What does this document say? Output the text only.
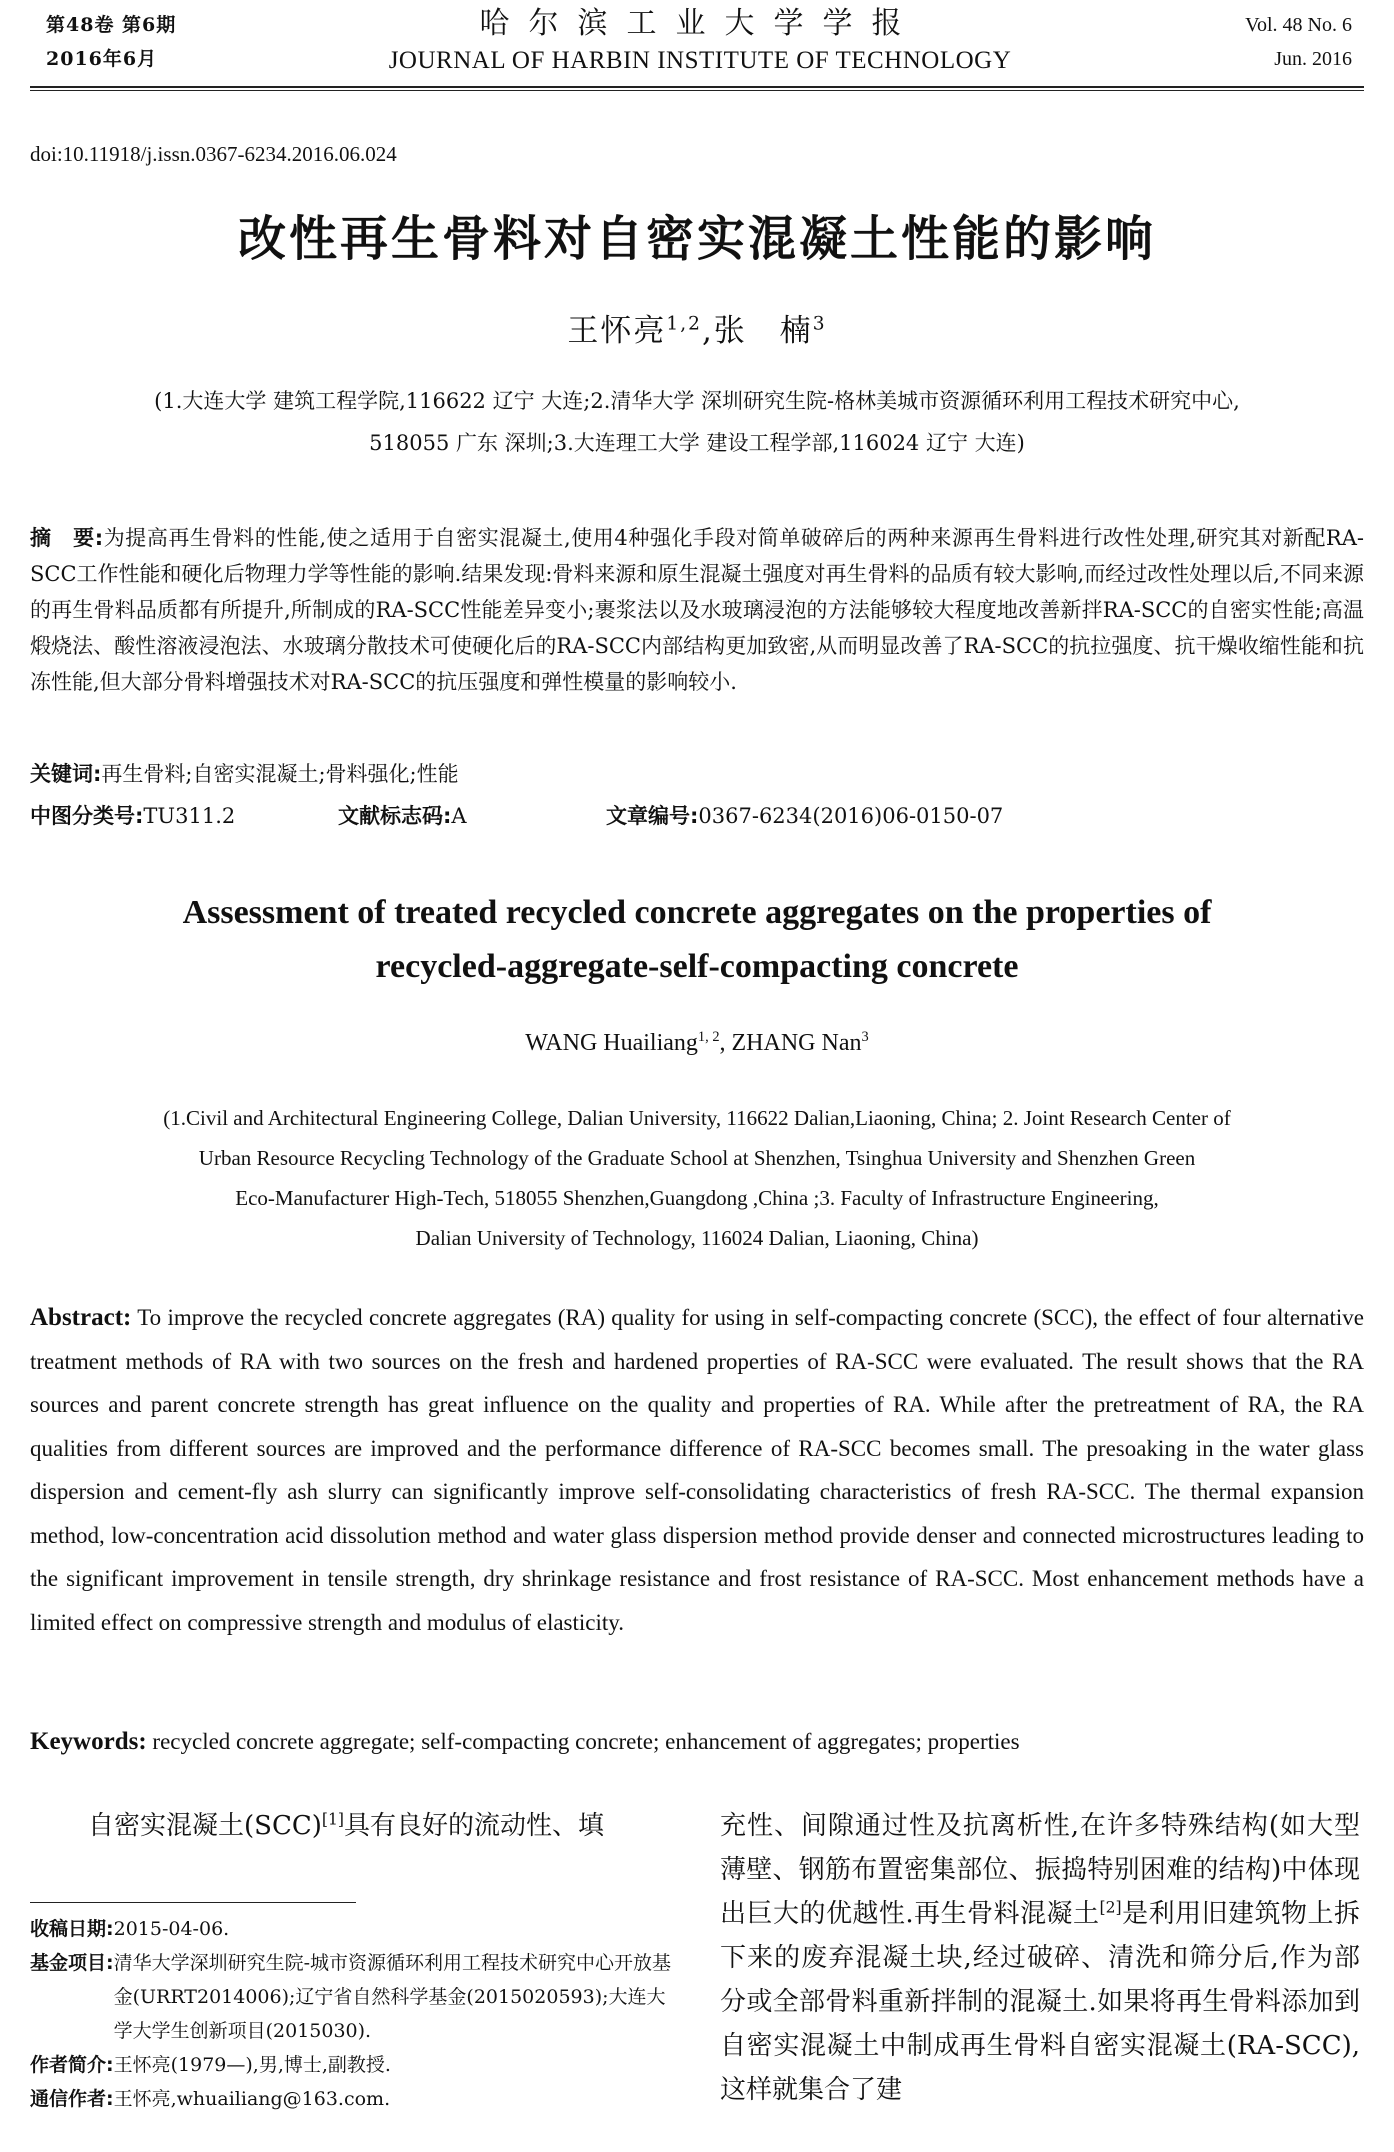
第48卷 第6期
2016年6月
哈尔滨工业大学学报
JOURNAL OF HARBIN INSTITUTE OF TECHNOLOGY
Vol. 48 No. 6
Jun. 2016
doi:10.11918/j.issn.0367-6234.2016.06.024
改性再生骨料对自密实混凝土性能的影响
王怀亮$^{1,2}$,张　楠$^3$
(1.大连大学 建筑工程学院,116622 辽宁 大连;2.清华大学 深圳研究生院-格林美城市资源循环利用工程技术研究中心,
518055 广东 深圳;3.大连理工大学 建设工程学部,116024 辽宁 大连)
摘　要:为提高再生骨料的性能,使之适用于自密实混凝土,使用4种强化手段对简单破碎后的两种来源再生骨料进行改性处理,研究其对新配RA-SCC工作性能和硬化后物理力学等性能的影响.结果发现:骨料来源和原生混凝土强度对再生骨料的品质有较大影响,而经过改性处理以后,不同来源的再生骨料品质都有所提升,所制成的RA-SCC性能差异变小;裹浆法以及水玻璃浸泡的方法能够较大程度地改善新拌RA-SCC的自密实性能;高温煅烧法、酸性溶液浸泡法、水玻璃分散技术可使硬化后的RA-SCC内部结构更加致密,从而明显改善了RA-SCC的抗拉强度、抗干燥收缩性能和抗冻性能,但大部分骨料增强技术对RA-SCC的抗压强度和弹性模量的影响较小.
关键词:再生骨料;自密实混凝土;骨料强化;性能
中图分类号:TU311.2	文献标志码:A	文章编号:0367-6234(2016)06-0150-07
Assessment of treated recycled concrete aggregates on the properties of
recycled-aggregate-self-compacting concrete
WANG Huailiang$^{1, 2}$, ZHANG Nan$^3$
(1.Civil and Architectural Engineering College, Dalian University, 116622 Dalian,Liaoning, China; 2. Joint Research Center of
Urban Resource Recycling Technology of the Graduate School at Shenzhen, Tsinghua University and Shenzhen Green
Eco-Manufacturer High-Tech, 518055 Shenzhen,Guangdong ,China ;3. Faculty of Infrastructure Engineering,
Dalian University of Technology, 116024 Dalian, Liaoning, China)
Abstract: To improve the recycled concrete aggregates (RA) quality for using in self-compacting concrete (SCC), the effect of four alternative treatment methods of RA with two sources on the fresh and hardened properties of RA-SCC were evaluated. The result shows that the RA sources and parent concrete strength has great influence on the quality and properties of RA. While after the pretreatment of RA, the RA qualities from different sources are improved and the performance difference of RA-SCC becomes small. The presoaking in the water glass dispersion and cement-fly ash slurry can significantly improve self-consolidating characteristics of fresh RA-SCC. The thermal expansion method, low-concentration acid dissolution method and water glass dispersion method provide denser and connected microstructures leading to the significant improvement in tensile strength, dry shrinkage resistance and frost resistance of RA-SCC. Most enhancement methods have a limited effect on compressive strength and modulus of elasticity.
Keywords: recycled concrete aggregate; self-compacting concrete; enhancement of aggregates; properties
自密实混凝土(SCC)[1]具有良好的流动性、填	充性、间隙通过性及抗离析性,在许多特殊结构(如大型薄壁、钢筋布置密集部位、振捣特别困难的结构)中体现出巨大的优越性.再生骨料混凝土[2]是利用旧建筑物上拆下来的废弃混凝土块,经过破碎、清洗和筛分后,作为部分或全部骨料重新拌制的混凝土.如果将再生骨料添加到自密实混凝土中制成再生骨料自密实混凝土(RA-SCC),这样就集合了建
收稿日期: 2015-04-06.
基金项目: 清华大学深圳研究生院-城市资源循环利用工程技术研究中心开放基金(URRT2014006);辽宁省自然科学基金(2015020593);大连大学大学生创新项目(2015030).
作者简介: 王怀亮(1979—),男,博士,副教授.
通信作者: 王怀亮,whuailiang@163.com.
